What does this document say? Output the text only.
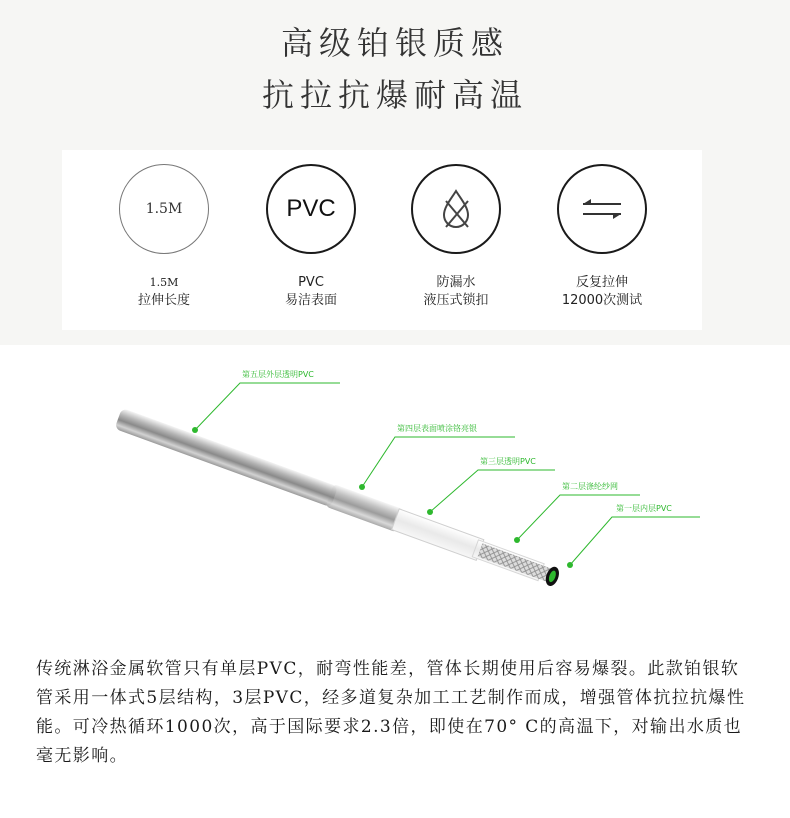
高级铂银质感
抗拉抗爆耐高温
1.5M
1.5M
拉伸长度
PVC
PVC
易洁表面
防漏水
液压式锁扣
反复拉伸
12000次测试
第五层外层透明PVC
第四层表面喷涂铬亮银
第三层透明PVC
第二层涤纶纱网
第一层内层PVC
传统淋浴金属软管只有单层PVC，耐弯性能差，管体长期使用后容易爆裂。此款铂银软管采用一体式5层结构，3层PVC，经多道复杂加工工艺制作而成，增强管体抗拉抗爆性能。可冷热循环1000次，高于国际要求2.3倍，即使在70° C的高温下，对输出水质也毫无影响。
